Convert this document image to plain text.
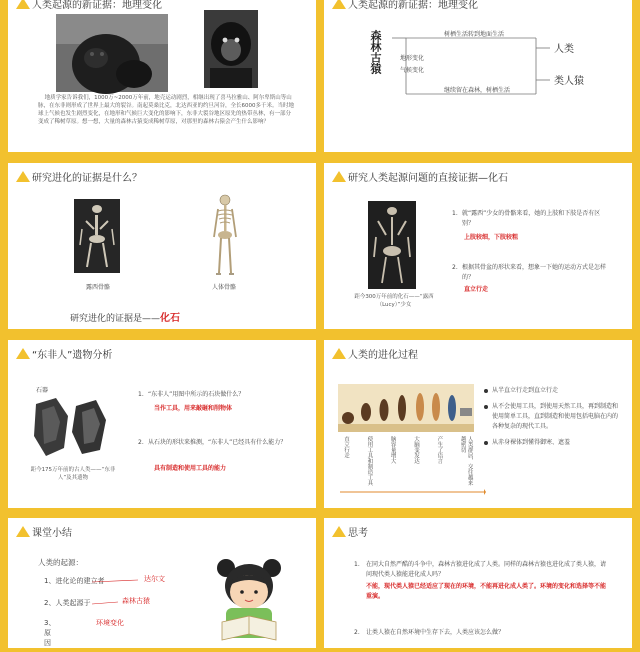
人类起源的新证据：地理变化
地质学家告诉我们，1000万~2000万年前，地壳运动剧烈，相继出现了喜马拉雅山、阿尔卑斯山等山脉，在东非则形成了世界上最大的裂谷。南起莫桑比克，北达西亚的约旦河谷，全长6000多千米。当时地球上气候也发生剧烈变化，在地形和气候巨大变化的影响下，东非大裂谷地区原先的热带丛林，有一部分变成了稀树草原。想一想，大量的森林古猿变成稀树草原，对那里的森林古猿会产生什么影响？
人类起源的新证据：地理变化
森林古猿	树栖生活转到地面生活
地形变化
气候变化
继续留在森林，树栖生活
人类
类人猿
研究进化的证据是什么？
露西骨骼	人体骨骼
研究进化的证据是——化石
研究人类起源问题的直接证据—化石
距今300万年前的化石——“露西（Lucy）”少女
1. 就“露西”少女的骨骼来看，她的上肢和下肢是否有区别？
上肢较细，下肢较粗
2. 根据其骨盆的形状来看，想象一下她的运动方式是怎样的？
直立行走
“东非人”遗物分析
石器
距今175万年前的古人类——“东非人”及其遗物
1. “东非人”用图中所示的石块做什么？
当作工具，用来敲砸和削物体
2. 从石块的形状来推测，“东非人”已经具有什么能力？
具有制造和使用工具的能力
人类的进化过程
直立行走	使用工具和制造工具	脑容量增大	大脑变发达	产生了语言	人类群居，交往越来越密切
从半直立行走到直立行走
从不会使用工具，到使用天然工具，再到制造和使用简单工具，直到制造和使用包括电脑在内的各种复杂的现代工具。
从赤身裸体到懂得御寒、遮羞
课堂小结
人类的起源：
1、进化论的建立者	达尔文
2、人类起源于	森林古猿
3、原因
环境变化
思考
1. 在同大自然严酷的斗争中，森林古猿进化成了人类。同样的森林古猿也进化成了类人猿，请问现代类人猿能进化成人吗？
不能，现代类人猿已经适应了现在的环境，不能再进化成人类了。环境的变化和选择等不能重演。
2. 让类人猿在自然环境中生存下去，人类应该怎么做？
